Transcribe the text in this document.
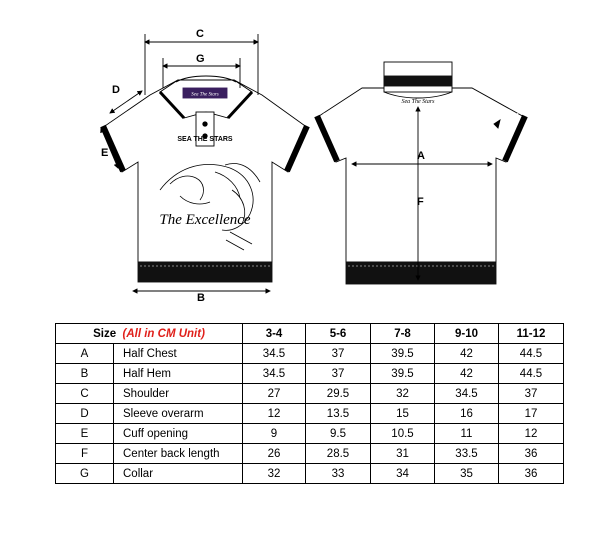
SEA THE STARS
The Excellence
Sea The Stars
Sea The Stars
C
G
D
E
B
A
F
Size (All in CM Unit)		3-4	5-6	7-8	9-10	11-12
A	Half Chest	34.5	37	39.5	42	44.5
B	Half Hem	34.5	37	39.5	42	44.5
C	Shoulder	27	29.5	32	34.5	37
D	Sleeve overarm	12	13.5	15	16	17
E	Cuff opening	9	9.5	10.5	11	12
F	Center back length	26	28.5	31	33.5	36
G	Collar	32	33	34	35	36
